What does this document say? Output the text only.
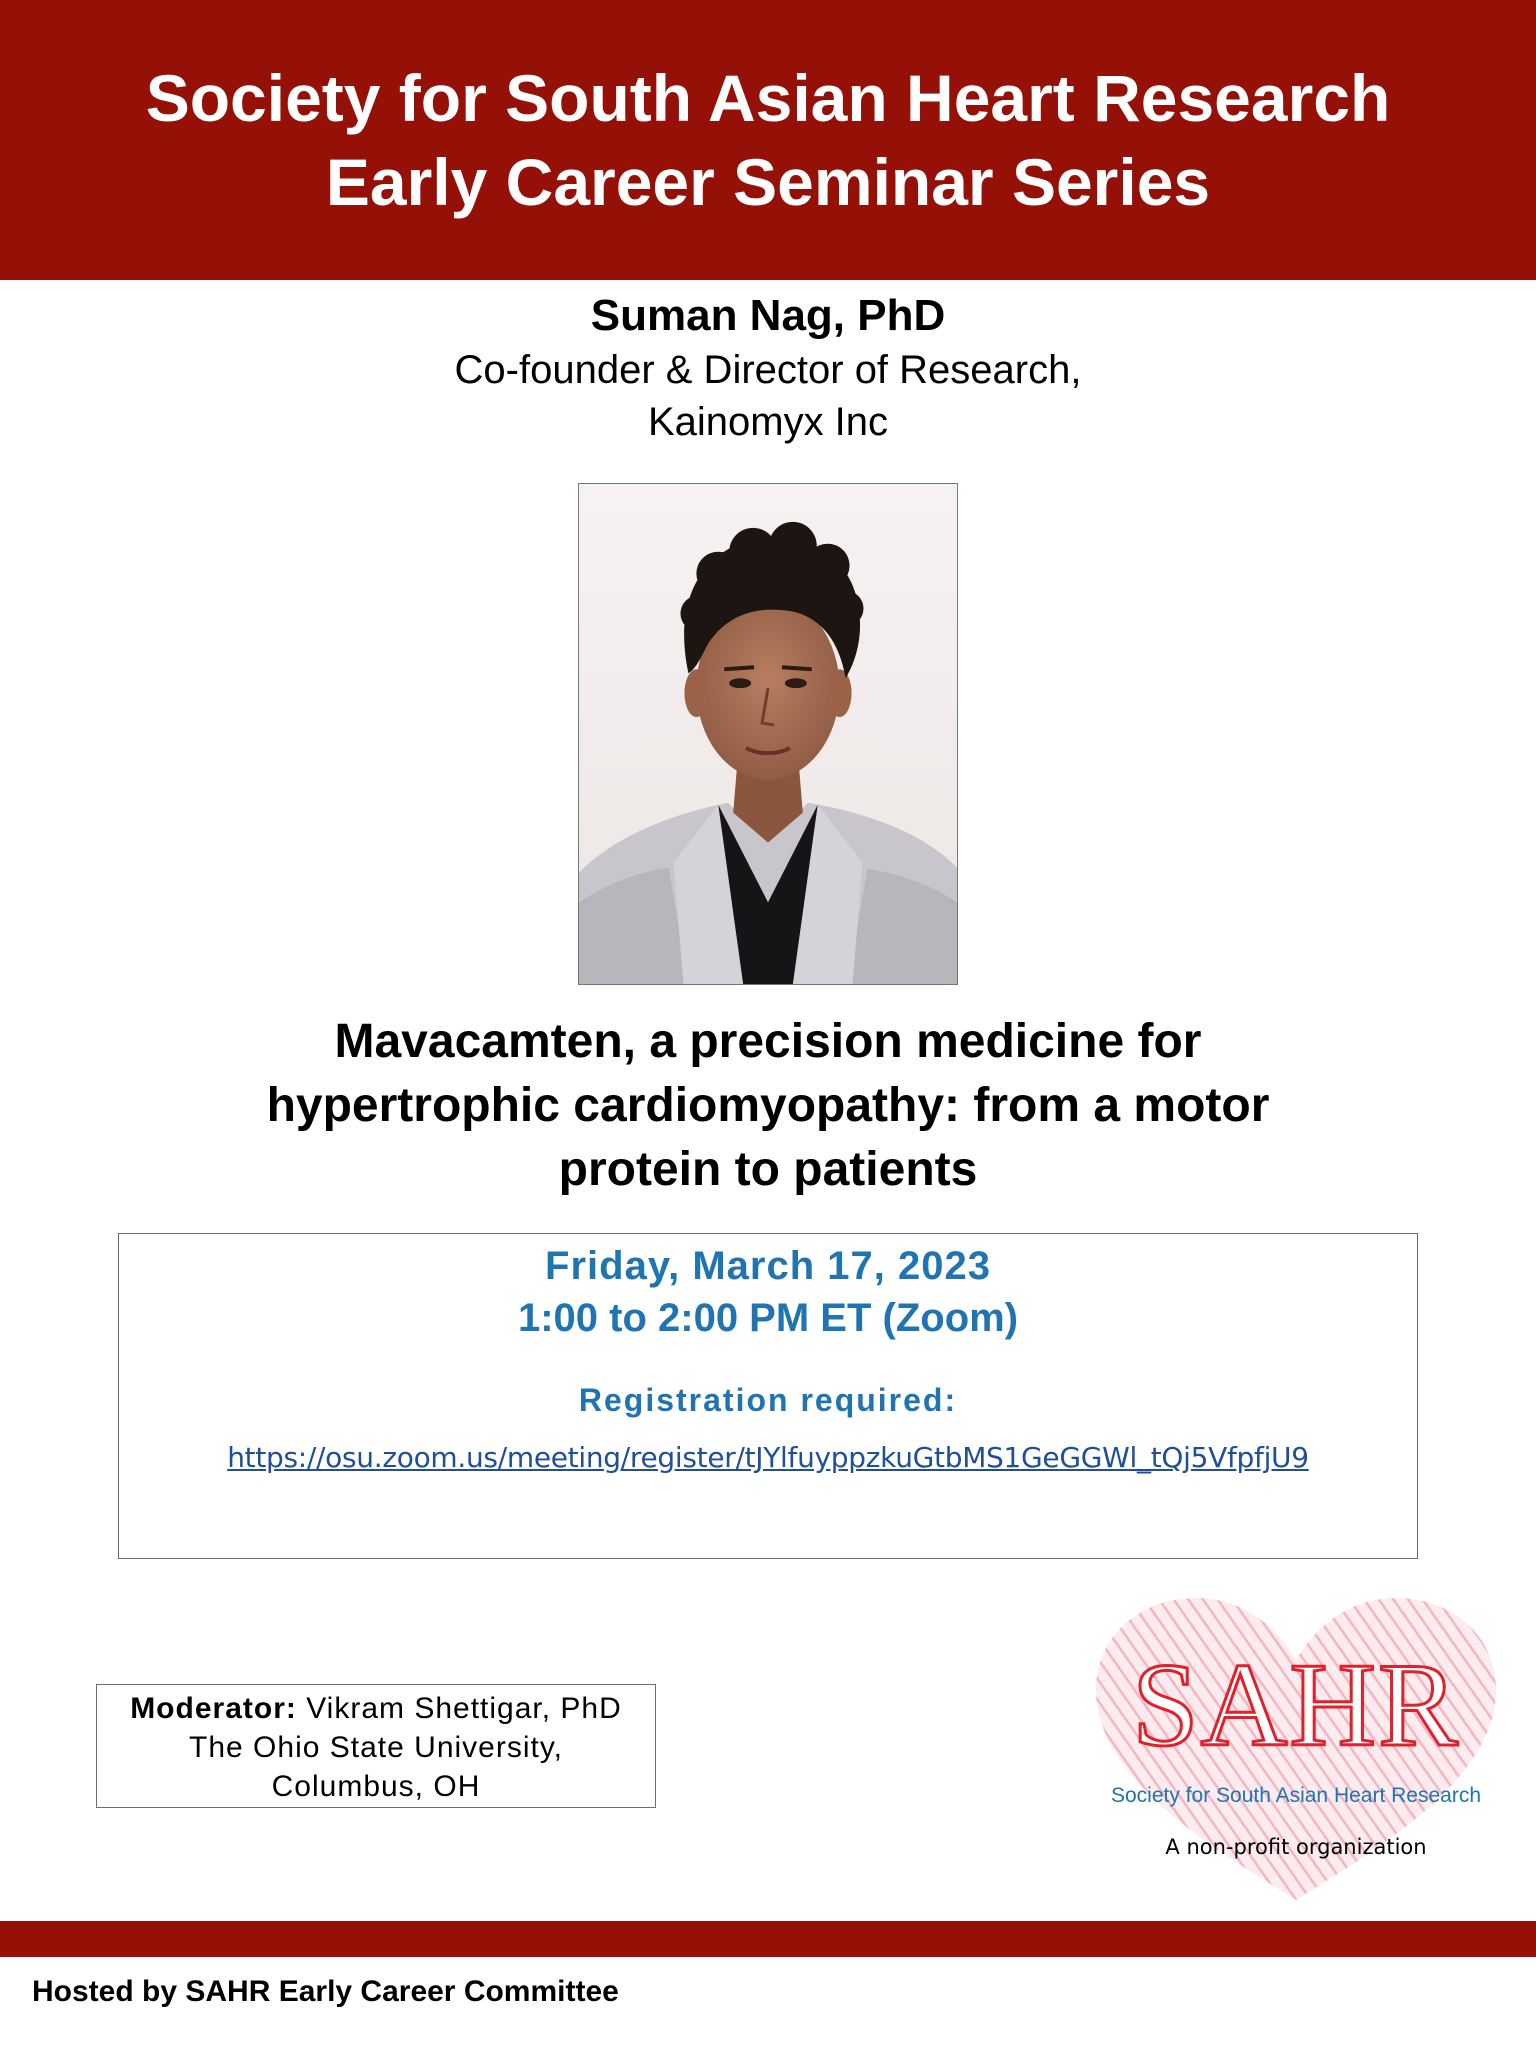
Society for South Asian Heart Research
Early Career Seminar Series
Suman Nag, PhD
Co-founder & Director of Research,
Kainomyx Inc
Mavacamten, a precision medicine for
hypertrophic cardiomyopathy: from a motor
protein to patients
Friday, March 17, 2023
1:00 to 2:00 PM ET (Zoom)
Registration required:
https://osu.zoom.us/meeting/register/tJYlfuyppzkuGtbMS1GeGGWl_tQj5VfpfjU9
Moderator: Vikram Shettigar, PhD
The Ohio State University,
Columbus, OH
SAHR
Society for South Asian Heart Research
A non-profit organization
Hosted by SAHR Early Career Committee
